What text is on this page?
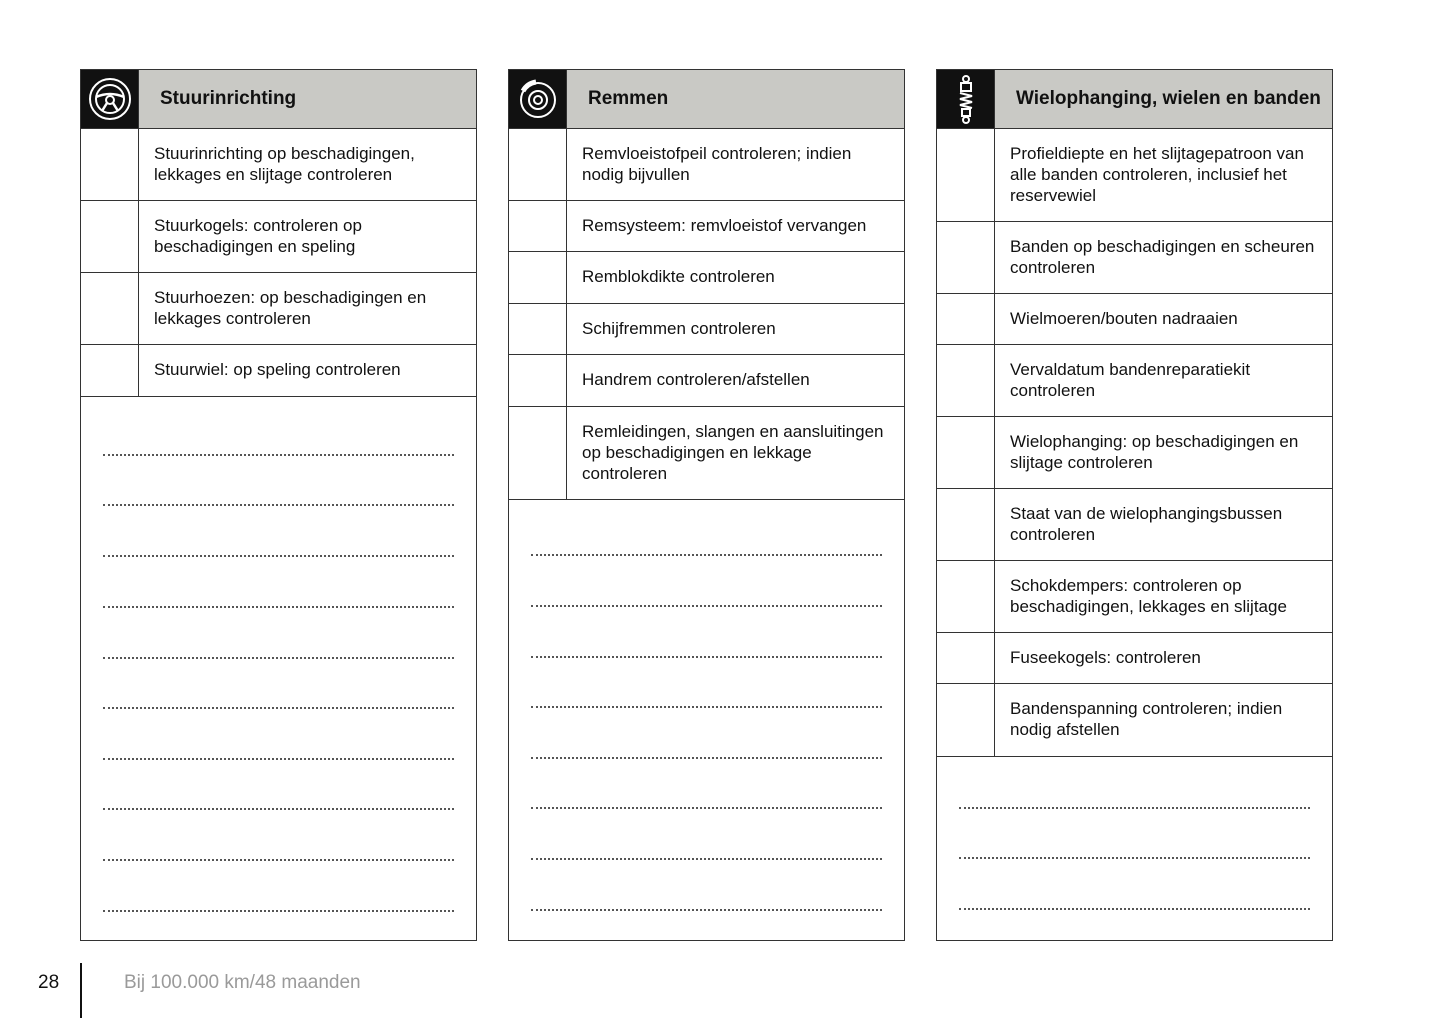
Stuurinrichting
Stuurinrichting op beschadigingen, lekkages en slijtage controleren
Stuurkogels: controleren op beschadigingen en speling
Stuurhoezen: op beschadigingen en lekkages controleren
Stuurwiel: op speling controleren
Remmen
Remvloeistofpeil controleren; indien nodig bijvullen
Remsysteem: remvloeistof vervangen
Remblokdikte controleren
Schijfremmen controleren
Handrem controleren/afstellen
Remleidingen, slangen en aansluitingen op beschadigingen en lekkage controleren
Wielophanging, wielen en banden
Profieldiepte en het slijtagepatroon van alle banden controleren, inclusief het reservewiel
Banden op beschadigingen en scheuren controleren
Wielmoeren/bouten nadraaien
Vervaldatum bandenreparatiekit controleren
Wielophanging: op beschadigingen en slijtage controleren
Staat van de wielophangingsbussen controleren
Schokdempers: controleren op beschadigingen, lekkages en slijtage
Fuseekogels: controleren
Bandenspanning controleren; indien nodig afstellen
28	Bij 100.000 km/48 maanden
